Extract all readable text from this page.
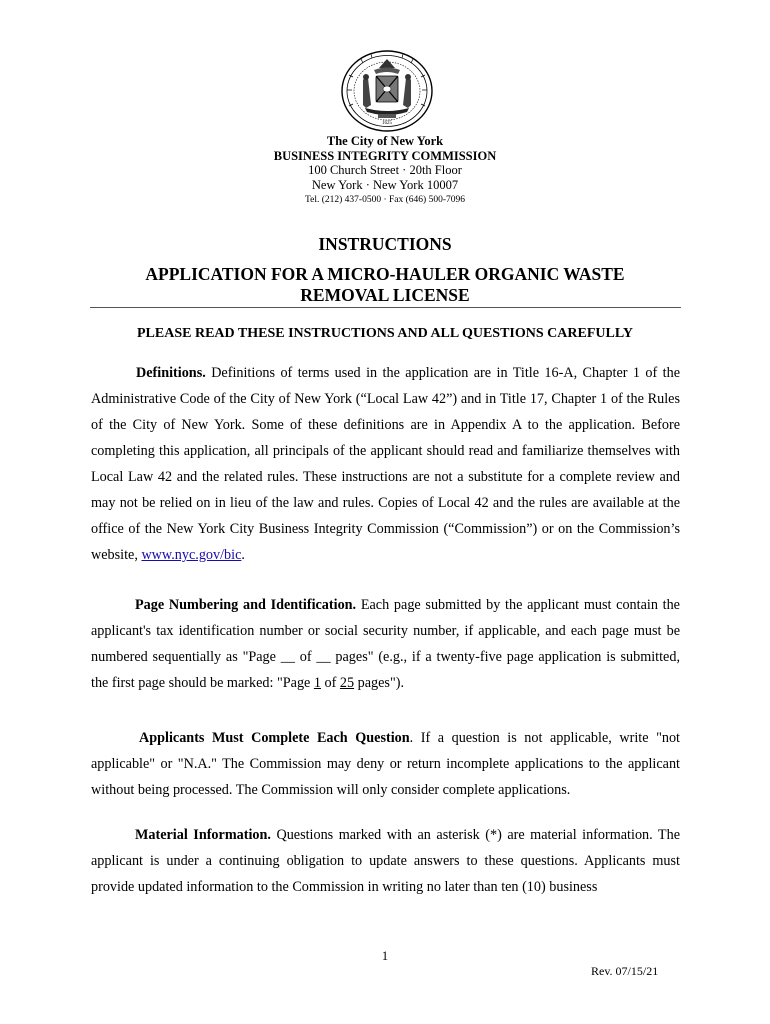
1625
The City of New York
BUSINESS INTEGRITY COMMISSION
100 Church Street · 20th Floor
New York · New York 10007
Tel. (212) 437-0500 · Fax (646) 500-7096
INSTRUCTIONS
APPLICATION FOR A MICRO-HAULER ORGANIC WASTE
REMOVAL LICENSE
PLEASE READ THESE INSTRUCTIONS AND ALL QUESTIONS CAREFULLY
Definitions. Definitions of terms used in the application are in Title 16-A, Chapter 1 of the Administrative Code of the City of New York (“Local Law 42”) and in Title 17, Chapter 1 of the Rules of the City of New York. Some of these definitions are in Appendix A to the application. Before completing this application, all principals of the applicant should read and familiarize themselves with Local Law 42 and the related rules. These instructions are not a substitute for a complete review and may not be relied on in lieu of the law and rules. Copies of Local 42 and the rules are available at the office of the New York City Business Integrity Commission (“Commission”) or on the Commission’s website, www.nyc.gov/bic.
Page Numbering and Identification. Each page submitted by the applicant must contain the applicant's tax identification number or social security number, if applicable, and each page must be numbered sequentially as "Page __ of __ pages" (e.g., if a twenty-five page application is submitted, the first page should be marked: "Page 1 of 25 pages").
Applicants Must Complete Each Question. If a question is not applicable, write "not applicable" or "N.A." The Commission may deny or return incomplete applications to the applicant without being processed. The Commission will only consider complete applications.
Material Information. Questions marked with an asterisk (*) are material information. The applicant is under a continuing obligation to update answers to these questions. Applicants must provide updated information to the Commission in writing no later than ten (10) business
1
Rev. 07/15/21
